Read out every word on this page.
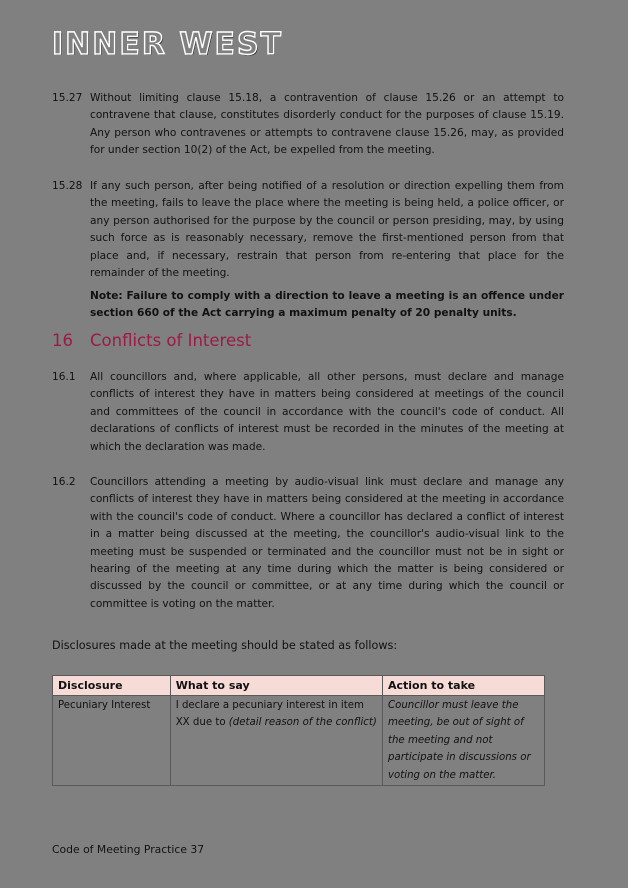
INNER WEST
15.27 Without limiting clause 15.18, a contravention of clause 15.26 or an attempt to contravene that clause, constitutes disorderly conduct for the purposes of clause 15.19. Any person who contravenes or attempts to contravene clause 15.26, may, as provided for under section 10(2) of the Act, be expelled from the meeting.
15.28 If any such person, after being notified of a resolution or direction expelling them from the meeting, fails to leave the place where the meeting is being held, a police officer, or any person authorised for the purpose by the council or person presiding, may, by using such force as is reasonably necessary, remove the first-mentioned person from that place and, if necessary, restrain that person from re-entering that place for the remainder of the meeting.
Note: Failure to comply with a direction to leave a meeting is an offence under section 660 of the Act carrying a maximum penalty of 20 penalty units.
16	Conflicts of Interest
16.1	All councillors and, where applicable, all other persons, must declare and manage conflicts of interest they have in matters being considered at meetings of the council and committees of the council in accordance with the council's code of conduct. All declarations of conflicts of interest must be recorded in the minutes of the meeting at which the declaration was made.
16.2	Councillors attending a meeting by audio-visual link must declare and manage any conflicts of interest they have in matters being considered at the meeting in accordance with the council's code of conduct. Where a councillor has declared a conflict of interest in a matter being discussed at the meeting, the councillor's audio-visual link to the meeting must be suspended or terminated and the councillor must not be in sight or hearing of the meeting at any time during which the matter is being considered or discussed by the council or committee, or at any time during which the council or committee is voting on the matter.
Disclosures made at the meeting should be stated as follows:
Disclosure	What to say	Action to take
Pecuniary Interest	I declare a pecuniary interest in item XX due to (detail reason of the conflict)	Councillor must leave the meeting, be out of sight of the meeting and not participate in discussions or voting on the matter.
Code of Meeting Practice 37
